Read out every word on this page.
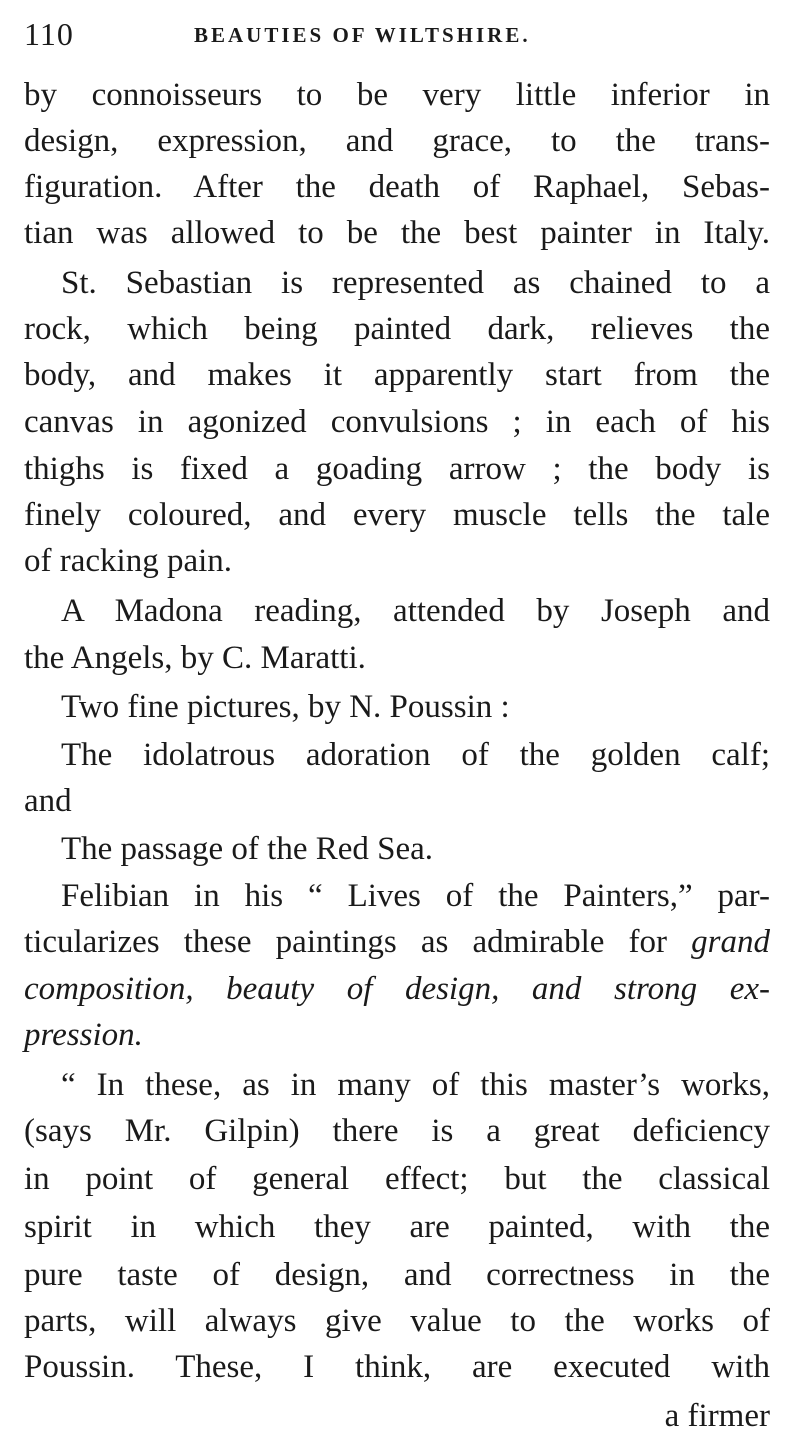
110	BEAUTIES OF WILTSHIRE.
by connoisseurs to be very little inferior in
design, expression, and grace, to the trans-
figuration. After the death of Raphael, Sebas-
tian was allowed to be the best painter in Italy.
St. Sebastian is represented as chained to a
rock, which being painted dark, relieves the
body, and makes it apparently start from the
canvas in agonized convulsions ; in each of his
thighs is fixed a goading arrow ; the body is
finely coloured, and every muscle tells the tale
of racking pain.
A Madona reading, attended by Joseph and
the Angels, by C. Maratti.
Two fine pictures, by N. Poussin :
The idolatrous adoration of the golden calf;
and
The passage of the Red Sea.
Felibian in his “ Lives of the Painters,” par-
ticularizes these paintings as admirable for grand
composition, beauty of design, and strong ex-
pression.
“ In these, as in many of this master’s works,
(says Mr. Gilpin) there is a great deficiency
in point of general effect; but the classical
spirit in which they are painted, with the
pure taste of design, and correctness in the
parts, will always give value to the works of
Poussin. These, I think, are executed with
a firmer
